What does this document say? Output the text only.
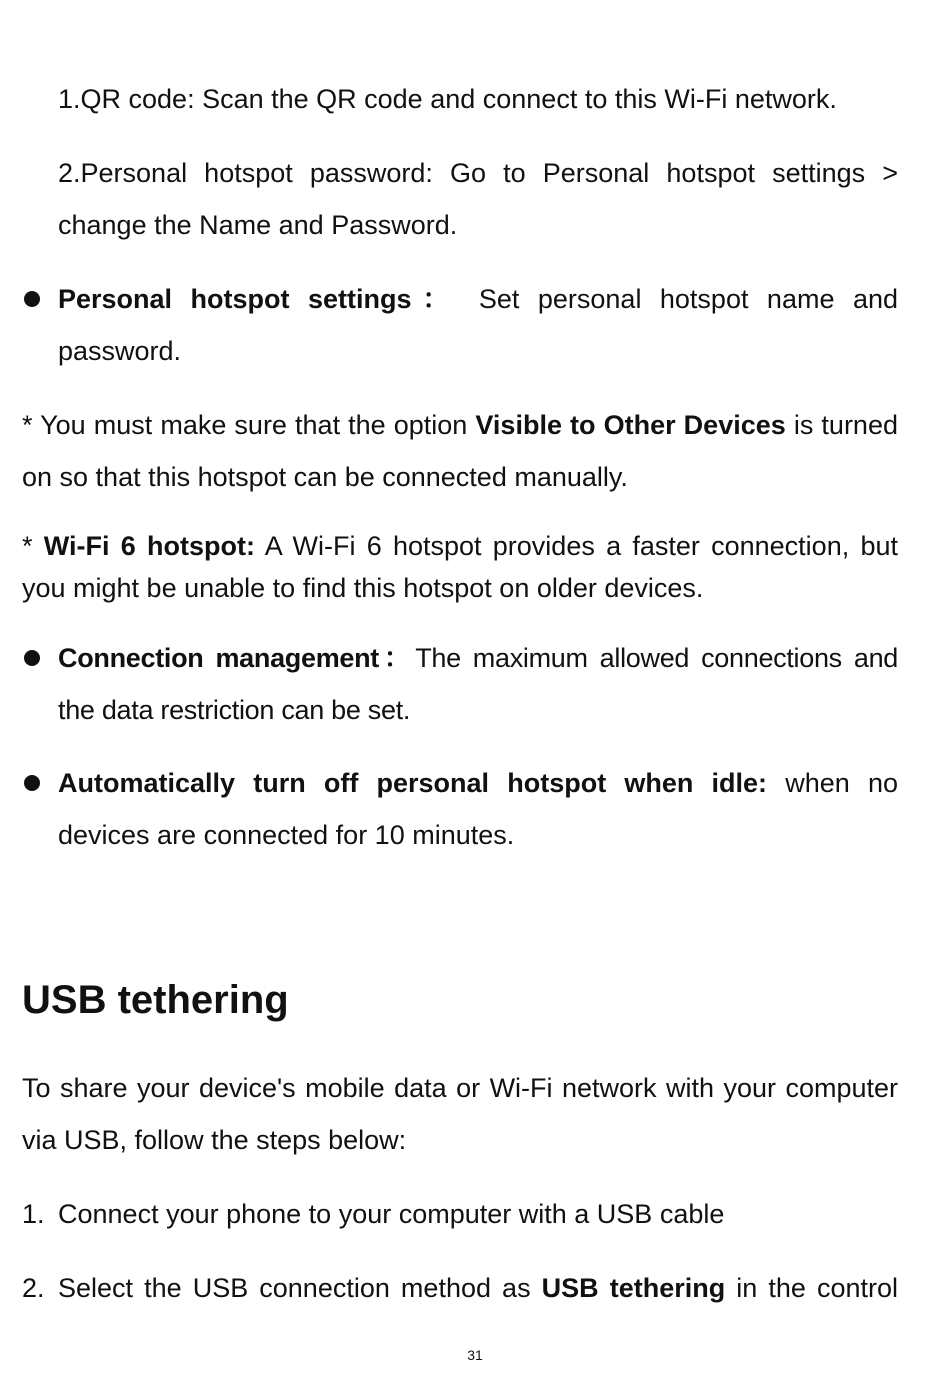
1.QR code: Scan the QR code and connect to this Wi-Fi network.

2.Personal hotspot password: Go to Personal hotspot settings >

change the Name and Password.

Personal hotspot settings： Set personal hotspot name and password.

* You must make sure that the option Visible to Other Devices is turned on so that this hotspot can be connected manually.

* Wi-Fi 6 hotspot: A Wi-Fi 6 hotspot provides a faster connection, but you might be unable to find this hotspot on older devices.

Connection management：The maximum allowed connections and the data restriction can be set.

Automatically turn off personal hotspot when idle: when no devices are connected for 10 minutes.

USB tethering

To share your device's mobile data or Wi-Fi network with your computer via USB, follow the steps below:

1. Connect your phone to your computer with a USB cable

2. Select the USB connection method as USB tethering in the control

31
